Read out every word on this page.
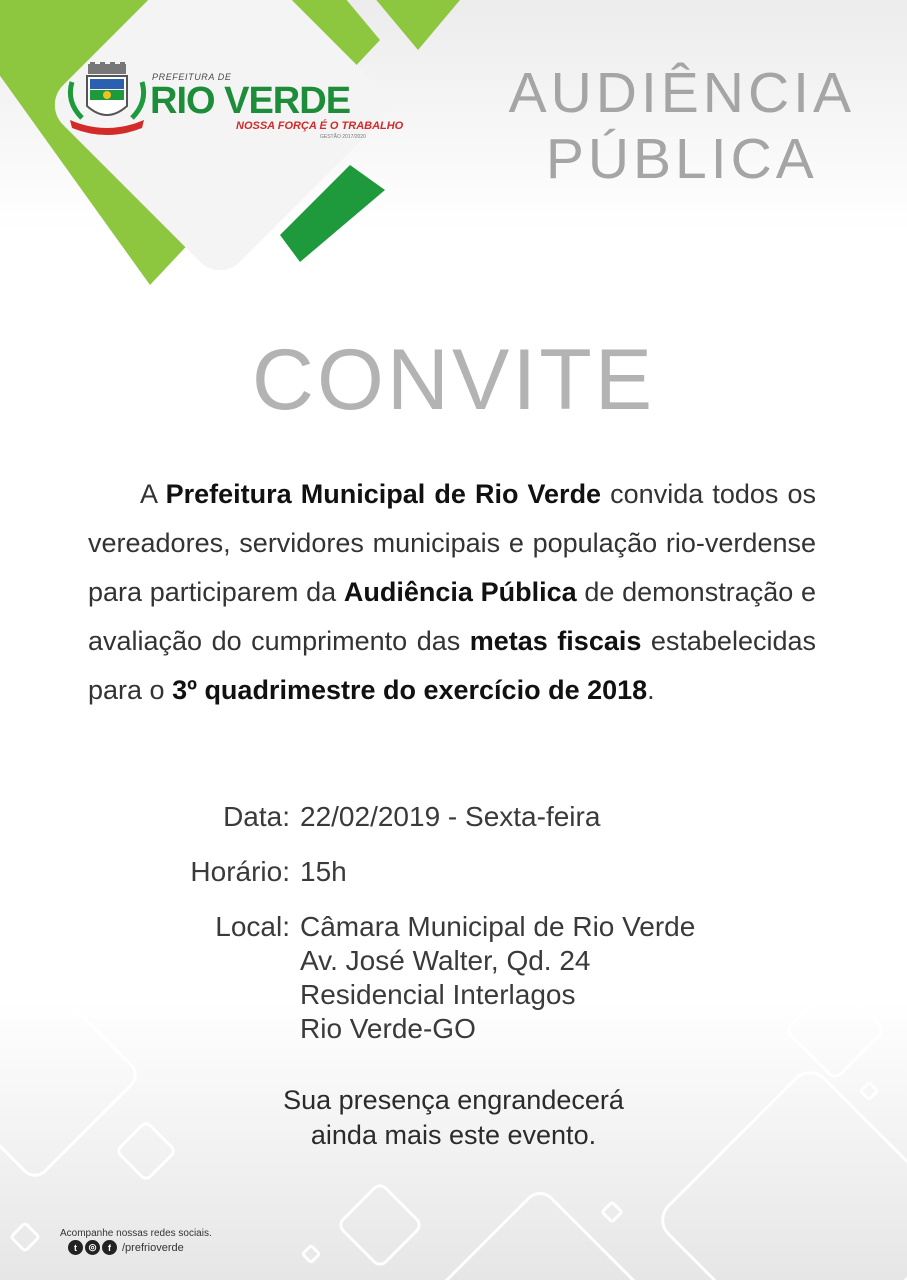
PREFEITURA DE
RIO VERDE
NOSSA FORÇA É O TRABALHO
GESTÃO 2017/2020
AUDIÊNCIA
PÚBLICA
CONVITE
A Prefeitura Municipal de Rio Verde convida todos os vereadores, servidores municipais e população rio-verdense para participarem da Audiência Pública de demonstração e avaliação do cumprimento das metas fiscais estabelecidas para o 3º quadrimestre do exercício de 2018.
Data: 22/02/2019 - Sexta-feira
Horário: 15h
Local: Câmara Municipal de Rio Verde
Av. José Walter, Qd. 24
Residencial Interlagos
Rio Verde-GO
Sua presença engrandecerá
ainda mais este evento.
Acompanhe nossas redes sociais.
t	◎	f	/prefrioverde
